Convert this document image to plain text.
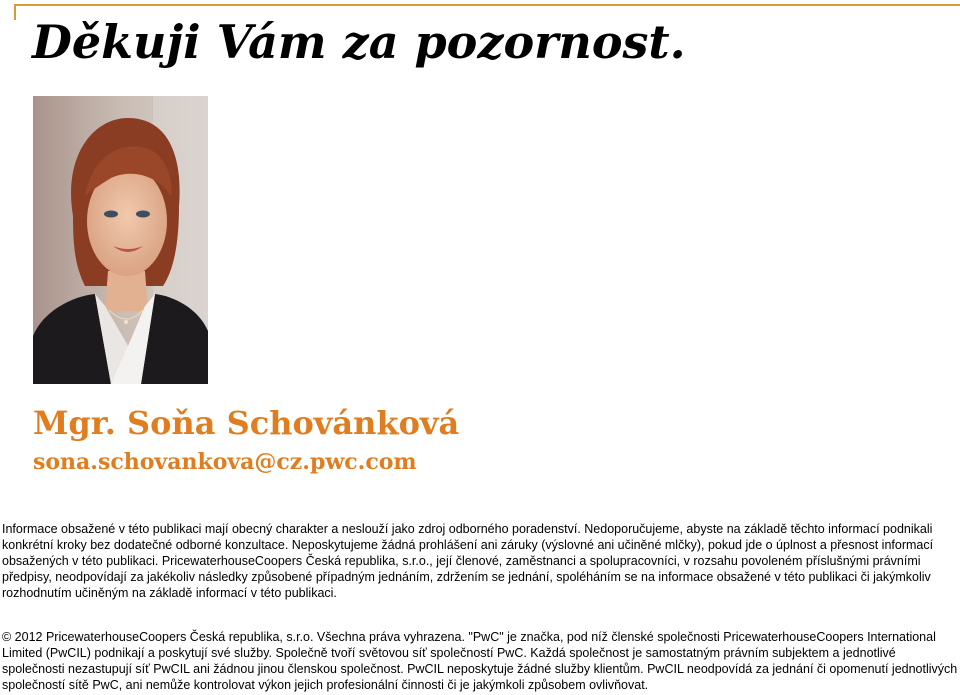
Děkuji Vám za pozornost.
Mgr. Soňa Schovánková
sona.schovankova@cz.pwc.com

Informace obsažené v této publikaci mají obecný charakter a neslouží jako zdroj odborného poradenství. Nedoporučujeme, abyste na základě těchto informací podnikali konkrétní kroky bez dodatečné odborné konzultace. Neposkytujeme žádná prohlášení ani záruky (výslovné ani učiněné mlčky), pokud jde o úplnost a přesnost informací obsažených v této publikaci. PricewaterhouseCoopers Česká republika, s.r.o., její členové, zaměstnanci a spolupracovníci, v rozsahu povoleném příslušnými právními předpisy, neodpovídají za jakékoliv následky způsobené případným jednáním, zdržením se jednání, spoléháním se na informace obsažené v této publikaci či jakýmkoliv rozhodnutím učiněným na základě informací v této publikaci.

© 2012 PricewaterhouseCoopers Česká republika, s.r.o. Všechna práva vyhrazena. "PwC" je značka, pod níž členské společnosti PricewaterhouseCoopers International Limited (PwCIL) podnikají a poskytují své služby. Společně tvoří světovou síť společností PwC. Každá společnost je samostatným právním subjektem a jednotlivé společnosti nezastupují síť PwCIL ani žádnou jinou členskou společnost. PwCIL neposkytuje žádné služby klientům. PwCIL neodpovídá za jednání či opomenutí jednotlivých společností sítě PwC, ani nemůže kontrolovat výkon jejich profesionální činnosti či je jakýmkoli způsobem ovlivňovat.
